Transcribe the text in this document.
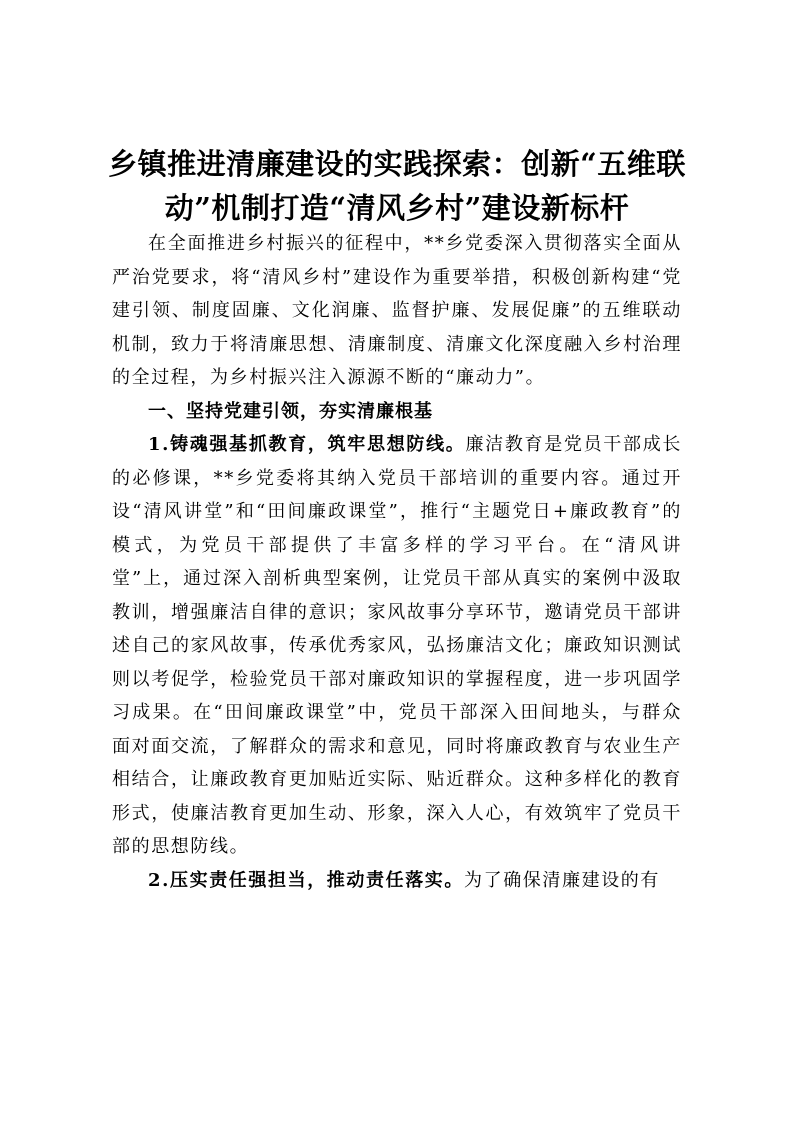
乡镇推进清廉建设的实践探索：创新“五维联动”机制打造“清风乡村”建设新标杆

在全面推进乡村振兴的征程中，**乡党委深入贯彻落实全面从严治党要求，将“清风乡村”建设作为重要举措，积极创新构建“党建引领、制度固廉、文化润廉、监督护廉、发展促廉”的五维联动机制，致力于将清廉思想、清廉制度、清廉文化深度融入乡村治理的全过程，为乡村振兴注入源源不断的“廉动力”。

一、坚持党建引领，夯实清廉根基

1.铸魂强基抓教育，筑牢思想防线。廉洁教育是党员干部成长的必修课，**乡党委将其纳入党员干部培训的重要内容。通过开设“清风讲堂”和“田间廉政课堂”，推行“主题党日+廉政教育”的模式，为党员干部提供了丰富多样的学习平台。在“清风讲堂”上，通过深入剖析典型案例，让党员干部从真实的案例中汲取教训，增强廉洁自律的意识；家风故事分享环节，邀请党员干部讲述自己的家风故事，传承优秀家风，弘扬廉洁文化；廉政知识测试则以考促学，检验党员干部对廉政知识的掌握程度，进一步巩固学习成果。在“田间廉政课堂”中，党员干部深入田间地头，与群众面对面交流，了解群众的需求和意见，同时将廉政教育与农业生产相结合，让廉政教育更加贴近实际、贴近群众。这种多样化的教育形式，使廉洁教育更加生动、形象，深入人心，有效筑牢了党员干部的思想防线。

2.压实责任强担当，推动责任落实。为了确保清廉建设的有
